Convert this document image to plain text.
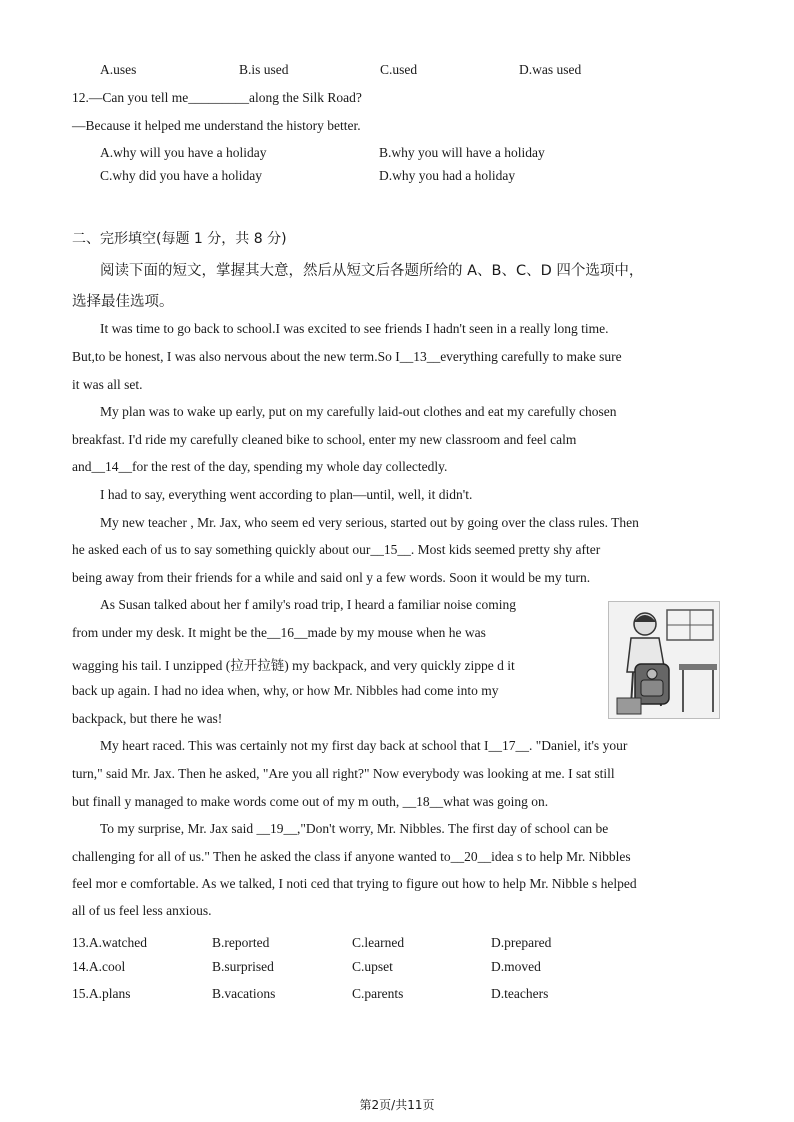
A.uses	B.is used	C.used	D.was used
12.—Can you tell me_________along the Silk Road?
—Because it helped me understand the history better.
A.why will you have a holiday	B.why you will have a holiday
C.why did you have a holiday	D.why you had a holiday
二、完形填空(每题 1 分，共 8 分)
阅读下面的短文，掌握其大意，然后从短文后各题所给的 A、B、C、D 四个选项中，
选择最佳选项。
It was time to go back to school.I was excited to see friends I hadn't seen in a really long time.
But,to be honest, I was also nervous about the new term.So I__13__everything carefully to make sure
it was all set.
My plan was to wake up early, put on my carefully laid-out clothes and eat my carefully chosen
breakfast. I'd ride my carefully cleaned bike to school, enter my new classroom and feel calm
and__14__for the rest of the day, spending my whole day collectedly.
I had to say, everything went according to plan—until, well, it didn't.
My new teacher , Mr. Jax, who seem ed very serious, started out by going over the class rules. Then
he asked each of us to say something quickly about our__15__. Most kids seemed pretty shy after
being away from their friends for a while and said onl y a few words. Soon it would be my turn.
As Susan talked about her f amily's road trip, I heard a familiar noise coming
from under my desk. It might be the__16__made by my mouse when he was
wagging his tail. I unzipped (拉开拉链) my backpack, and very quickly zippe d it
back up again. I had no idea when, why, or how Mr. Nibbles had come into my
backpack, but there he was!
My heart raced. This was certainly not my first day back at school that I__17__. "Daniel, it's your
turn," said Mr. Jax. Then he asked, "Are you all right?" Now everybody was looking at me. I sat still
but finall y managed to make words come out of my m outh, __18__what was going on.
To my surprise, Mr. Jax said __19__,"Don't worry, Mr. Nibbles. The first day of school can be
challenging for all of us." Then he asked the class if anyone wanted to__20__idea s to help Mr. Nibbles
feel mor e comfortable. As we talked, I noti ced that trying to figure out how to help Mr. Nibble s helped
all of us feel less anxious.
13.A.watched	B.reported	C.learned	D.prepared
14.A.cool	B.surprised	C.upset	D.moved
15.A.plans	B.vacations	C.parents	D.teachers
第2页/共11页
